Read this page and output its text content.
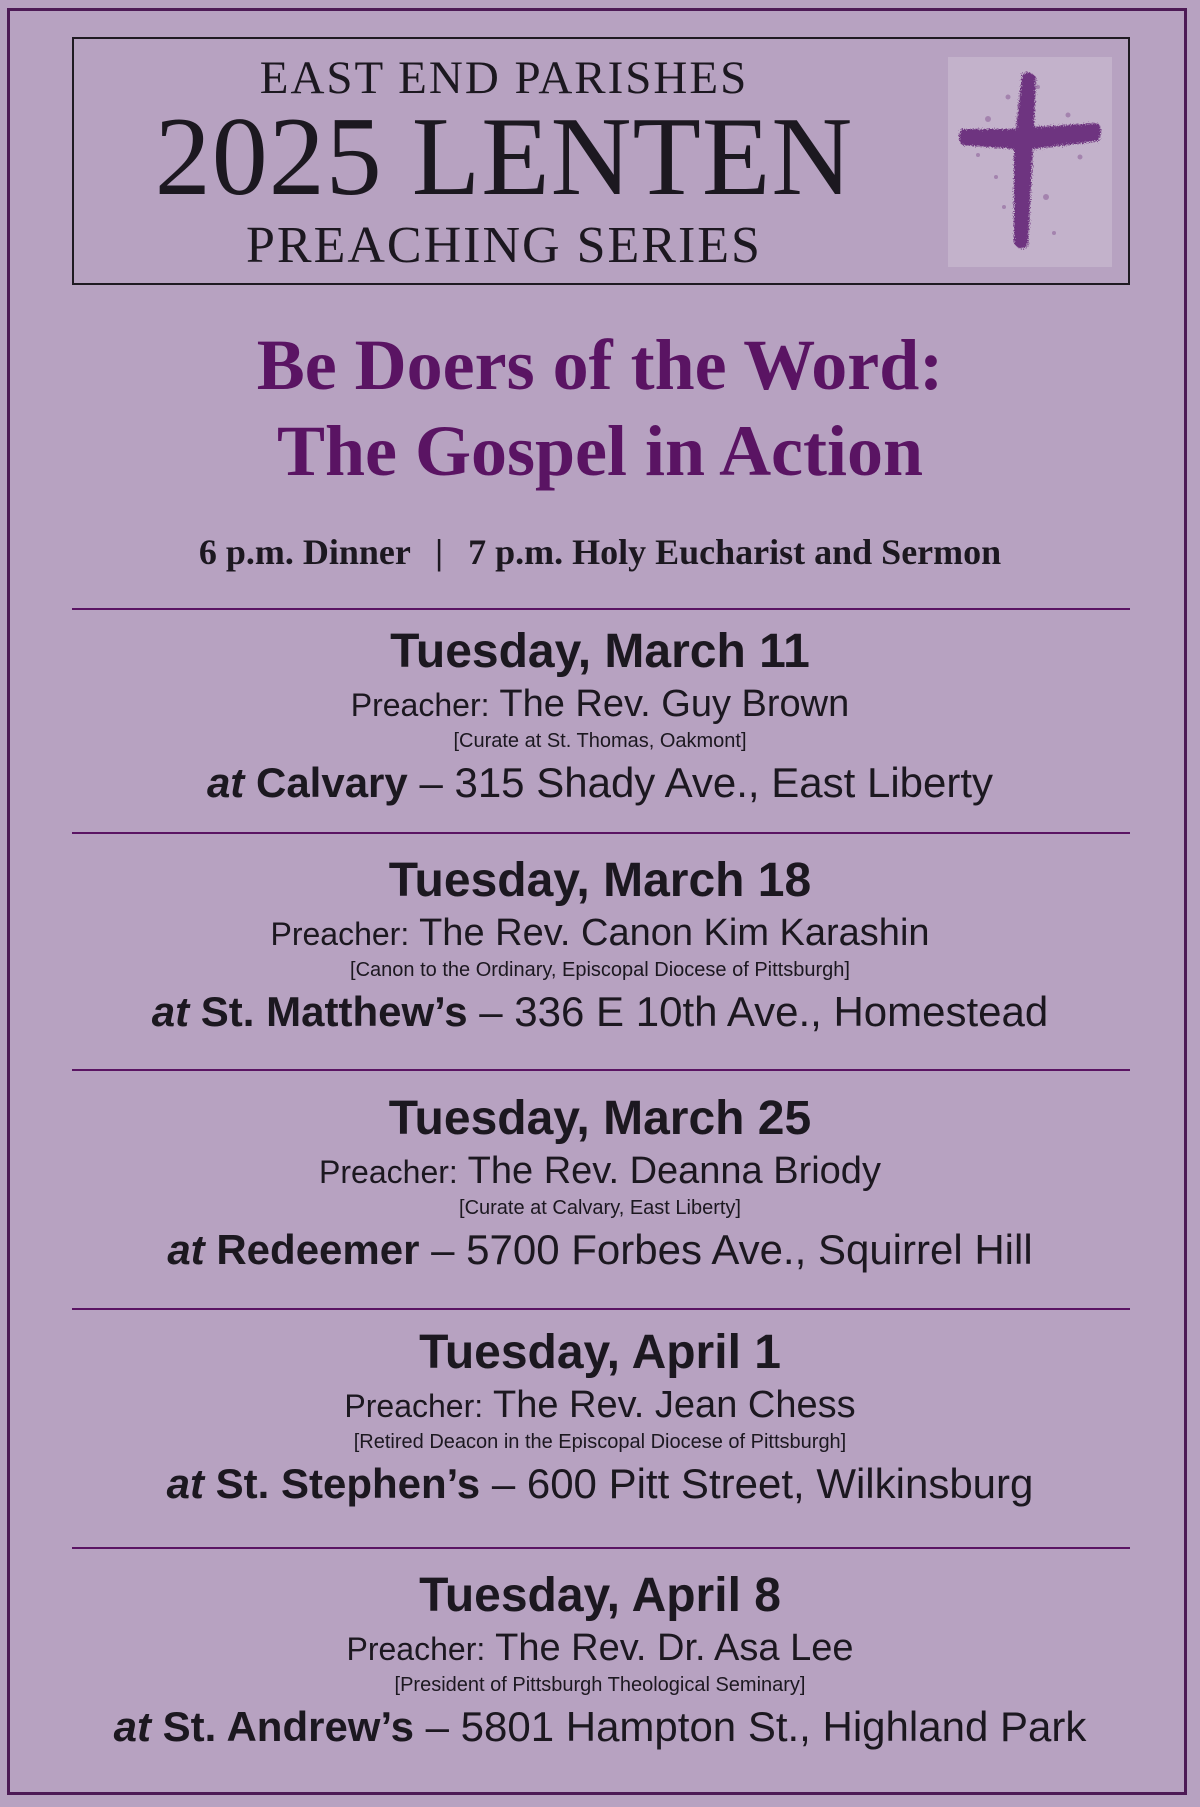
EAST END PARISHES
2025 LENTEN
PREACHING SERIES
Be Doers of the Word:
The Gospel in Action
6 p.m. Dinner | 7 p.m. Holy Eucharist and Sermon
Tuesday, March 11
Preacher: The Rev. Guy Brown
[Curate at St. Thomas, Oakmont]
at Calvary – 315 Shady Ave., East Liberty
Tuesday, March 18
Preacher: The Rev. Canon Kim Karashin
[Canon to the Ordinary, Episcopal Diocese of Pittsburgh]
at St. Matthew’s – 336 E 10th Ave., Homestead
Tuesday, March 25
Preacher: The Rev. Deanna Briody
[Curate at Calvary, East Liberty]
at Redeemer – 5700 Forbes Ave., Squirrel Hill
Tuesday, April 1
Preacher: The Rev. Jean Chess
[Retired Deacon in the Episcopal Diocese of Pittsburgh]
at St. Stephen’s – 600 Pitt Street, Wilkinsburg
Tuesday, April 8
Preacher: The Rev. Dr. Asa Lee
[President of Pittsburgh Theological Seminary]
at St. Andrew’s – 5801 Hampton St., Highland Park
